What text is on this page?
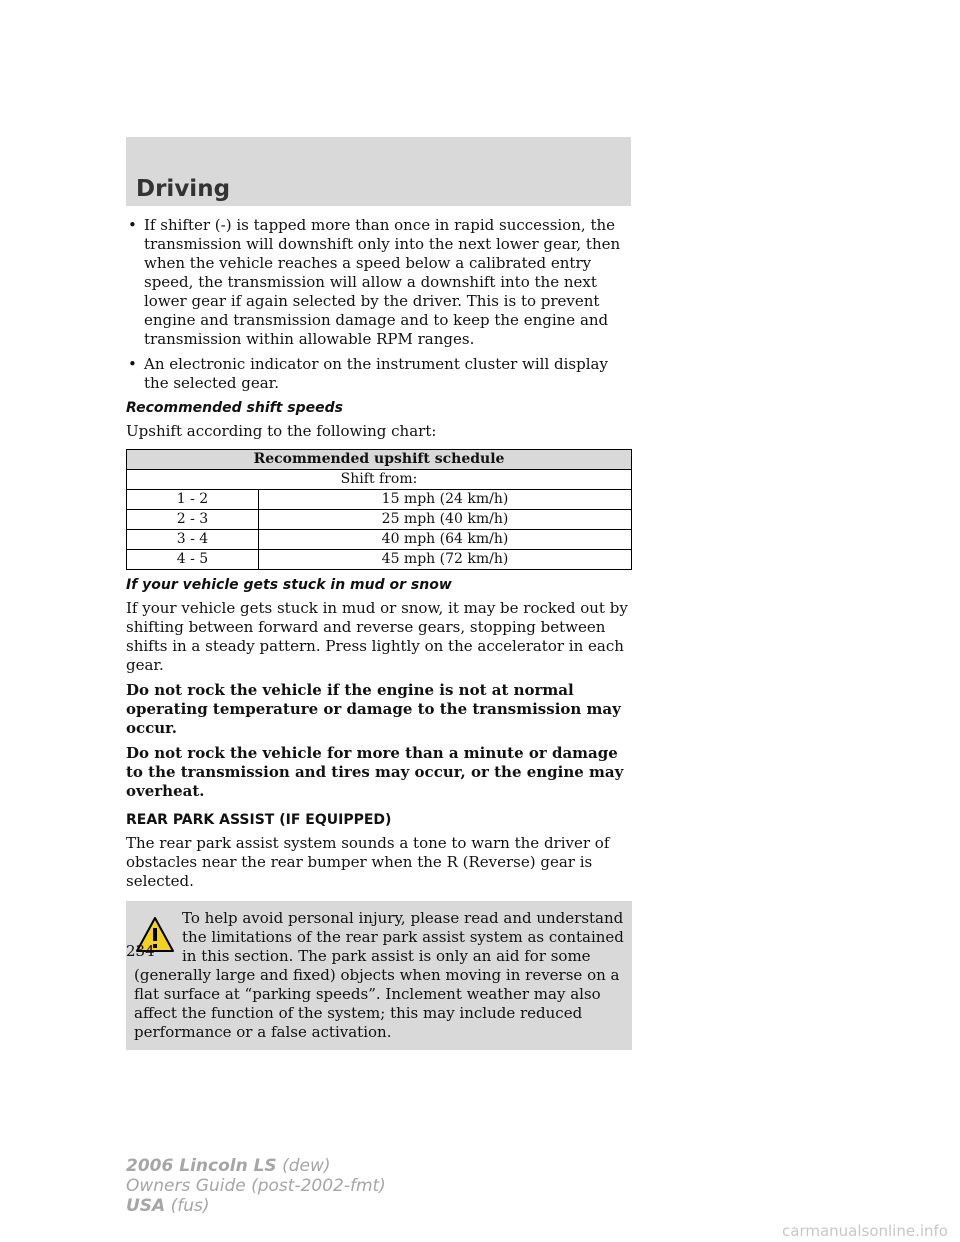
Driving
• If shifter (-) is tapped more than once in rapid succession, the transmission will downshift only into the next lower gear, then when the vehicle reaches a speed below a calibrated entry speed, the transmission will allow a downshift into the next lower gear if again selected by the driver. This is to prevent engine and transmission damage and to keep the engine and transmission within allowable RPM ranges.
• An electronic indicator on the instrument cluster will display the selected gear.
Recommended shift speeds

Upshift according to the following chart:

Recommended upshift schedule	
Shift from:	
1 - 2	15 mph (24 km/h)
2 - 3	25 mph (40 km/h)
3 - 4	40 mph (64 km/h)
4 - 5	45 mph (72 km/h)
If your vehicle gets stuck in mud or snow

If your vehicle gets stuck in mud or snow, it may be rocked out by shifting between forward and reverse gears, stopping between shifts in a steady pattern. Press lightly on the accelerator in each gear.

Do not rock the vehicle if the engine is not at normal operating temperature or damage to the transmission may occur.

Do not rock the vehicle for more than a minute or damage to the transmission and tires may occur, or the engine may overheat.

REAR PARK ASSIST (IF EQUIPPED)

The rear park assist system sounds a tone to warn the driver of obstacles near the rear bumper when the R (Reverse) gear is selected.

To help avoid personal injury, please read and understand the limitations of the rear park assist system as contained in this section. The park assist is only an aid for some (generally large and fixed) objects when moving in reverse on a flat surface at “parking speeds”. Inclement weather may also affect the function of the system; this may include reduced performance or a false activation.
234
2006 Lincoln LS (dew)
Owners Guide (post-2002-fmt)
USA (fus)
carmanualsonline.info
